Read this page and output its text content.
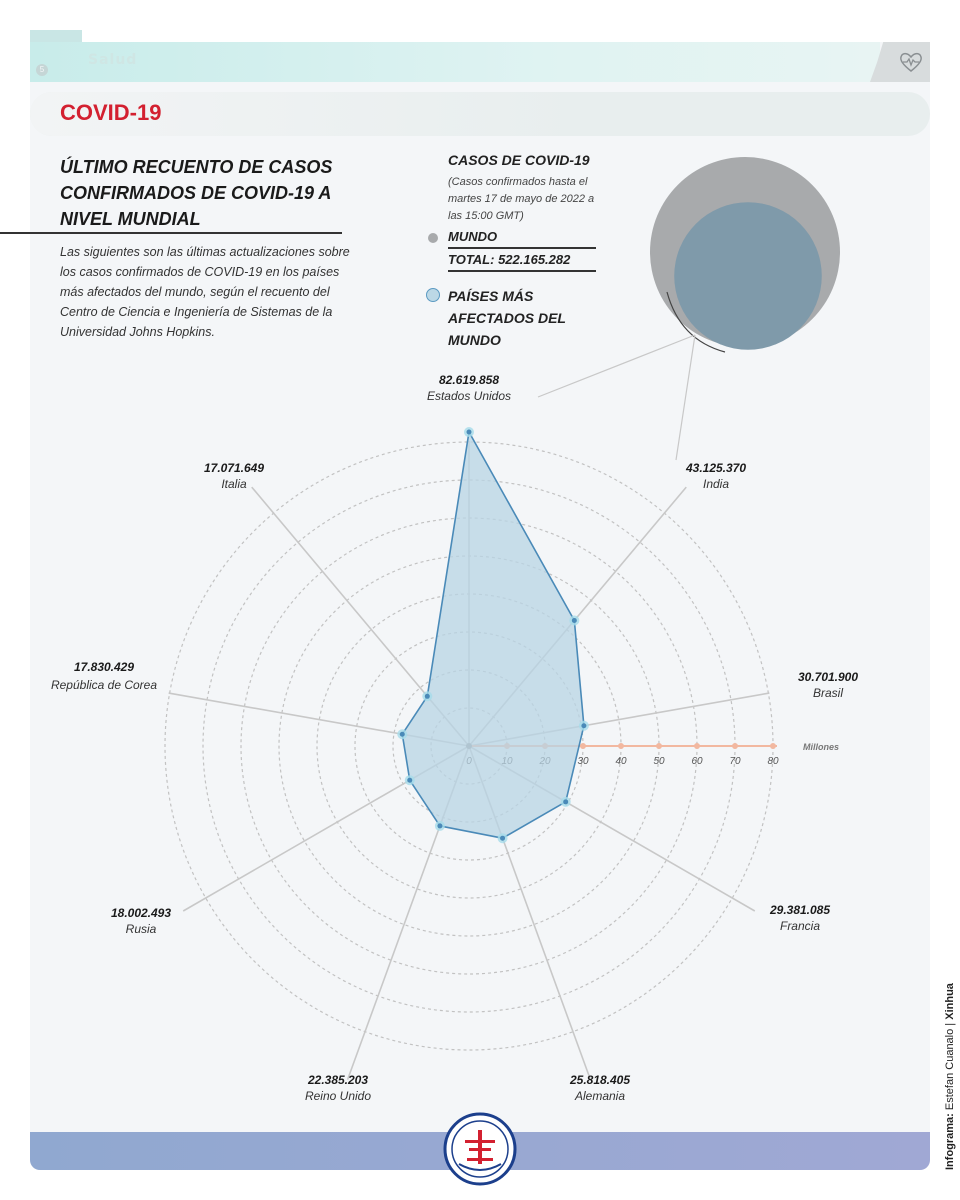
Salud
5
COVID-19
ÚLTIMO RECUENTO DE CASOS CONFIRMADOS DE COVID-19 A NIVEL MUNDIAL
Las siguientes son las últimas actualizaciones sobre los casos confirmados de COVID-19 en los países más afectados del mundo, según el recuento del Centro de Ciencia e Ingeniería de Sistemas de la Universidad Johns Hopkins.
CASOS DE COVID-19
(Casos confirmados hasta el martes 17 de mayo de 2022 a las 15:00 GMT)
MUNDO
TOTAL: 522.165.282
PAÍSES MÁS AFECTADOS DEL MUNDO
30	40	50	60	70	80
Millones
82.619.858
Estados Unidos
43.125.370
India
30.701.900
Brasil
29.381.085
Francia
25.818.405
Alemania
22.385.203
Reino Unido
18.002.493
Rusia
17.830.429
República de Corea
17.071.649
Italia
Infograma: Estefan Cuanalo | Xinhua
